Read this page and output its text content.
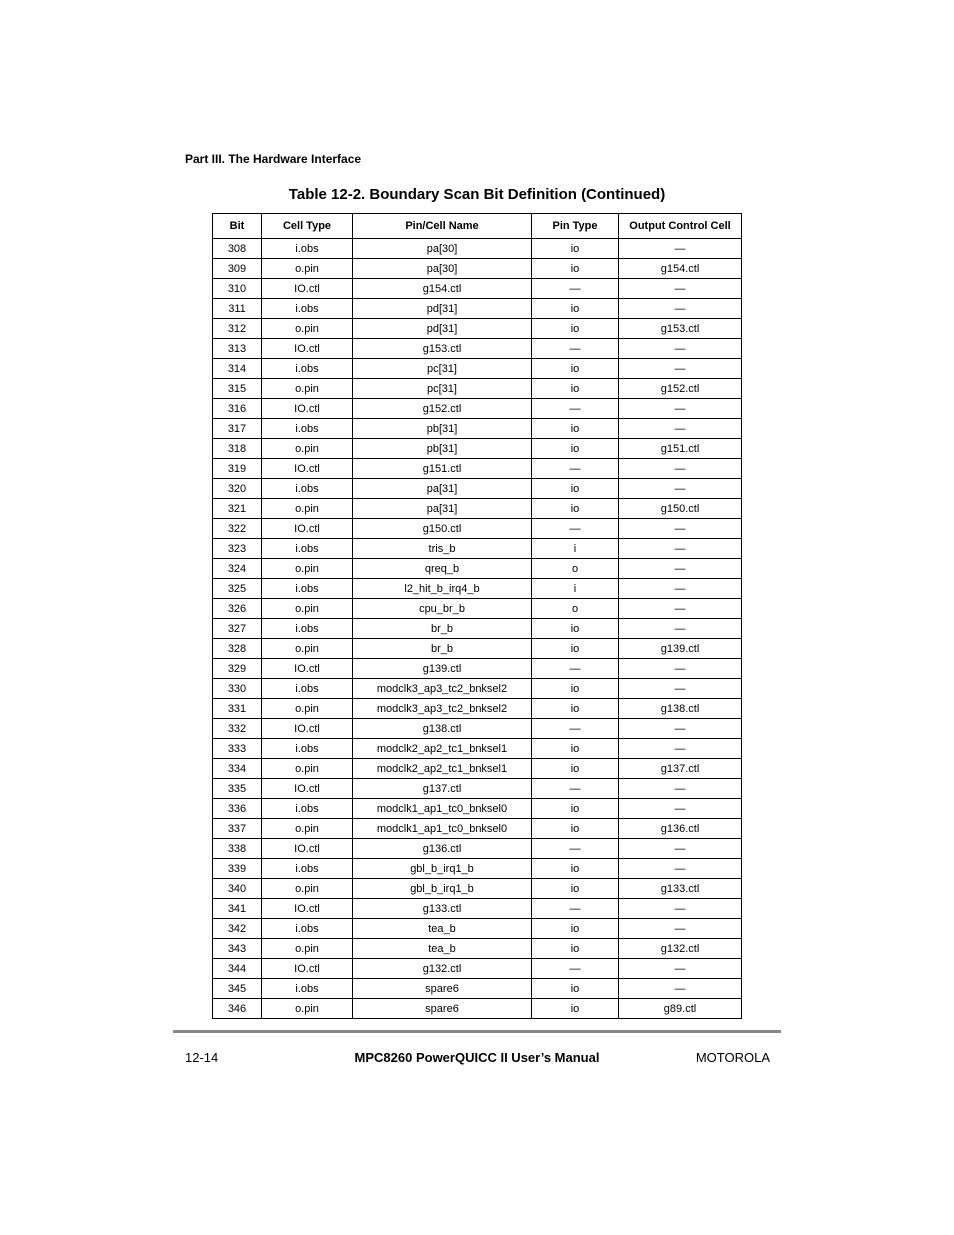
Part III. The Hardware Interface
Table 12-2. Boundary Scan Bit Definition (Continued)
Bit	Cell Type	Pin/Cell Name	Pin Type	Output Control Cell
308	i.obs	pa[30]	io	—
309	o.pin	pa[30]	io	g154.ctl
310	IO.ctl	g154.ctl	—	—
311	i.obs	pd[31]	io	—
312	o.pin	pd[31]	io	g153.ctl
313	IO.ctl	g153.ctl	—	—
314	i.obs	pc[31]	io	—
315	o.pin	pc[31]	io	g152.ctl
316	IO.ctl	g152.ctl	—	—
317	i.obs	pb[31]	io	—
318	o.pin	pb[31]	io	g151.ctl
319	IO.ctl	g151.ctl	—	—
320	i.obs	pa[31]	io	—
321	o.pin	pa[31]	io	g150.ctl
322	IO.ctl	g150.ctl	—	—
323	i.obs	tris_b	i	—
324	o.pin	qreq_b	o	—
325	i.obs	l2_hit_b_irq4_b	i	—
326	o.pin	cpu_br_b	o	—
327	i.obs	br_b	io	—
328	o.pin	br_b	io	g139.ctl
329	IO.ctl	g139.ctl	—	—
330	i.obs	modclk3_ap3_tc2_bnksel2	io	—
331	o.pin	modclk3_ap3_tc2_bnksel2	io	g138.ctl
332	IO.ctl	g138.ctl	—	—
333	i.obs	modclk2_ap2_tc1_bnksel1	io	—
334	o.pin	modclk2_ap2_tc1_bnksel1	io	g137.ctl
335	IO.ctl	g137.ctl	—	—
336	i.obs	modclk1_ap1_tc0_bnksel0	io	—
337	o.pin	modclk1_ap1_tc0_bnksel0	io	g136.ctl
338	IO.ctl	g136.ctl	—	—
339	i.obs	gbl_b_irq1_b	io	—
340	o.pin	gbl_b_irq1_b	io	g133.ctl
341	IO.ctl	g133.ctl	—	—
342	i.obs	tea_b	io	—
343	o.pin	tea_b	io	g132.ctl
344	IO.ctl	g132.ctl	—	—
345	i.obs	spare6	io	—
346	o.pin	spare6	io	g89.ctl
12-14	MPC8260 PowerQUICC II User’s Manual	MOTOROLA
